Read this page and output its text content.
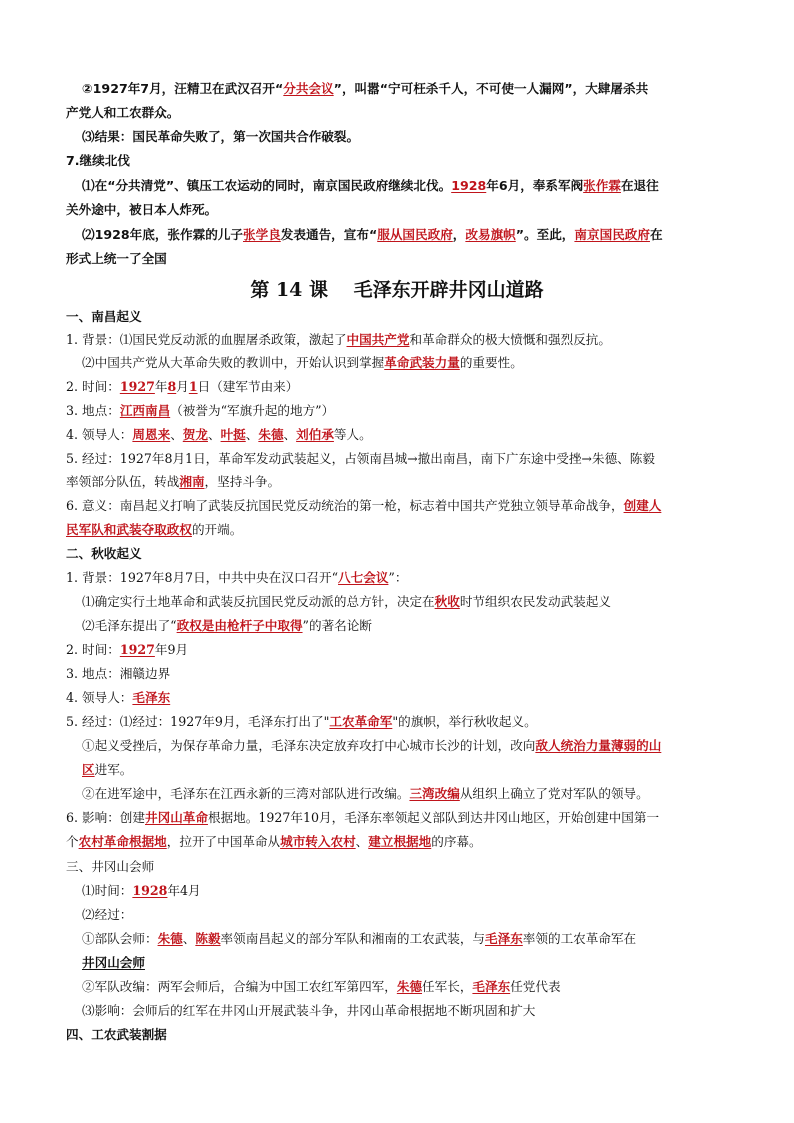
②1927年7月，汪精卫在武汉召开“分共会议”，叫嚣“宁可枉杀千人，不可使一人漏网”，大肆屠杀共
产党人和工农群众。
⑶结果：国民革命失败了，第一次国共合作破裂。
7.继续北伐
⑴在“分共清党”、镇压工农运动的同时，南京国民政府继续北伐。1928年6月，奉系军阀张作霖在退往
关外途中，被日本人炸死。
⑵1928年底，张作霖的儿子张学良发表通告，宣布“服从国民政府，改易旗帜”。至此，南京国民政府在
形式上统一了全国
第 14 课　 毛泽东开辟井冈山道路
一、南昌起义
1. 背景：⑴国民党反动派的血腥屠杀政策，激起了中国共产党和革命群众的极大愤慨和强烈反抗。
⑵中国共产党从大革命失败的教训中，开始认识到掌握革命武装力量的重要性。
2. 时间：1927年8月1日（建军节由来）
3. 地点：江西南昌（被誉为“军旗升起的地方”）
4. 领导人：周恩来、贺龙、叶挺、朱德、刘伯承等人。
5. 经过：1927年8月1日，革命军发动武装起义，占领南昌城→撤出南昌，南下广东途中受挫→朱德、陈毅
率领部分队伍，转战湘南，坚持斗争。
6. 意义：南昌起义打响了武装反抗国民党反动统治的第一枪，标志着中国共产党独立领导革命战争，创建人
民军队和武装夺取政权的开端。
二、秋收起义
1. 背景：1927年8月7日，中共中央在汉口召开“八七会议”：
⑴确定实行土地革命和武装反抗国民党反动派的总方针，决定在秋收时节组织农民发动武装起义
⑵毛泽东提出了“政权是由枪杆子中取得”的著名论断
2. 时间：1927年9月
3. 地点：湘赣边界
4. 领导人：毛泽东
5. 经过：⑴经过：1927年9月，毛泽东打出了"工农革命军"的旗帜，举行秋收起义。
①起义受挫后，为保存革命力量，毛泽东决定放弃攻打中心城市长沙的计划，改向敌人统治力量薄弱的山
区进军。
②在进军途中，毛泽东在江西永新的三湾对部队进行改编。三湾改编从组织上确立了党对军队的领导。
6. 影响：创建井冈山革命根据地。1927年10月，毛泽东率领起义部队到达井冈山地区，开始创建中国第一
个农村革命根据地，拉开了中国革命从城市转入农村、建立根据地的序幕。
三、井冈山会师
⑴时间：1928年4月
⑵经过：
①部队会师：朱德、陈毅率领南昌起义的部分军队和湘南的工农武装，与毛泽东率领的工农革命军在
井冈山会师
②军队改编：两军会师后，合编为中国工农红军第四军，朱德任军长，毛泽东任党代表
⑶影响：会师后的红军在井冈山开展武装斗争，井冈山革命根据地不断巩固和扩大
四、工农武装割据
